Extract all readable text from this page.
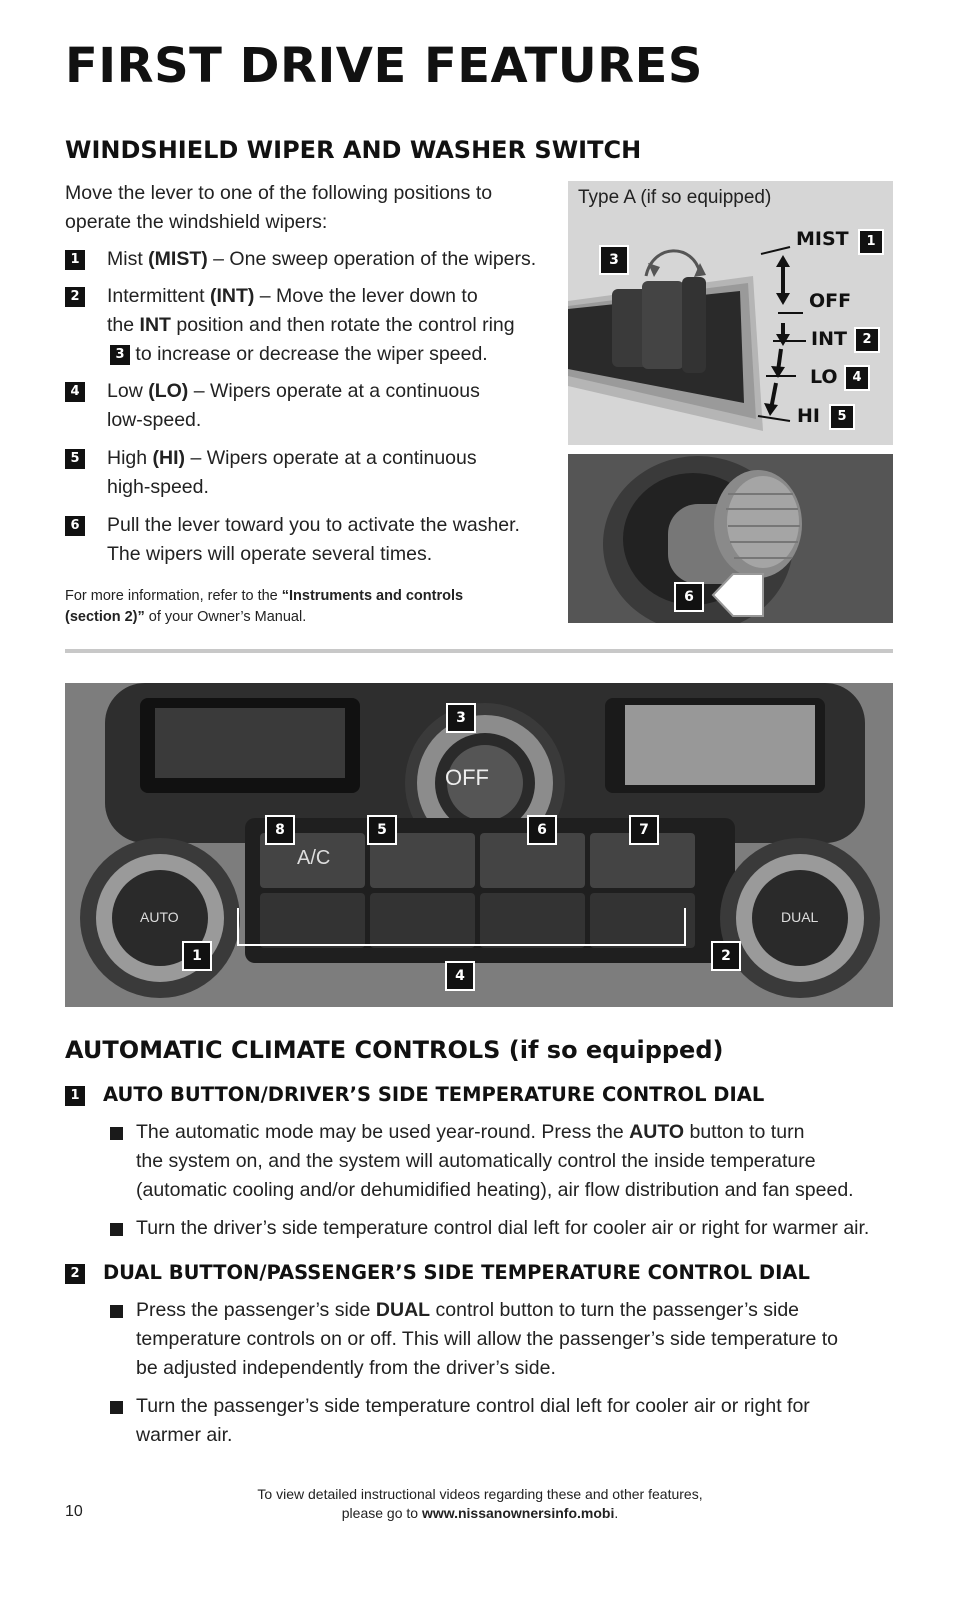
FIRST DRIVE FEATURES
WINDSHIELD WIPER AND WASHER SWITCH
Move the lever to one of the following positions to
operate the windshield wipers:
1 Mist (MIST) – One sweep operation of the wipers.
2 Intermittent (INT) – Move the lever down to
the INT position and then rotate the control ring
3 to increase or decrease the wiper speed.
4 Low (LO) – Wipers operate at a continuous
low-speed.
5 High (HI) – Wipers operate at a continuous
high-speed.
6 Pull the lever toward you to activate the washer.
The wipers will operate several times.
For more information, refer to the “Instruments and controls
(section 2)” of your Owner’s Manual.
Type A (if so equipped)
3
MIST	1
OFF
INT	2
LO	4
HI	5
6
OFF
A/C
AUTO	DUAL
3
8	5	6	7
1
4
2
AUTOMATIC CLIMATE CONTROLS (if so equipped)
1 AUTO BUTTON/DRIVER’S SIDE TEMPERATURE CONTROL DIAL
The automatic mode may be used year-round. Press the AUTO button to turn
the system on, and the system will automatically control the inside temperature
(automatic cooling and/or dehumidified heating), air flow distribution and fan speed.
Turn the driver’s side temperature control dial left for cooler air or right for warmer air.
2 DUAL BUTTON/PASSENGER’S SIDE TEMPERATURE CONTROL DIAL
Press the passenger’s side DUAL control button to turn the passenger’s side
temperature controls on or off. This will allow the passenger’s side temperature to
be adjusted independently from the driver’s side.
Turn the passenger’s side temperature control dial left for cooler air or right for
warmer air.
To view detailed instructional videos regarding these and other features,
please go to www.nissanownersinfo.mobi.
10
